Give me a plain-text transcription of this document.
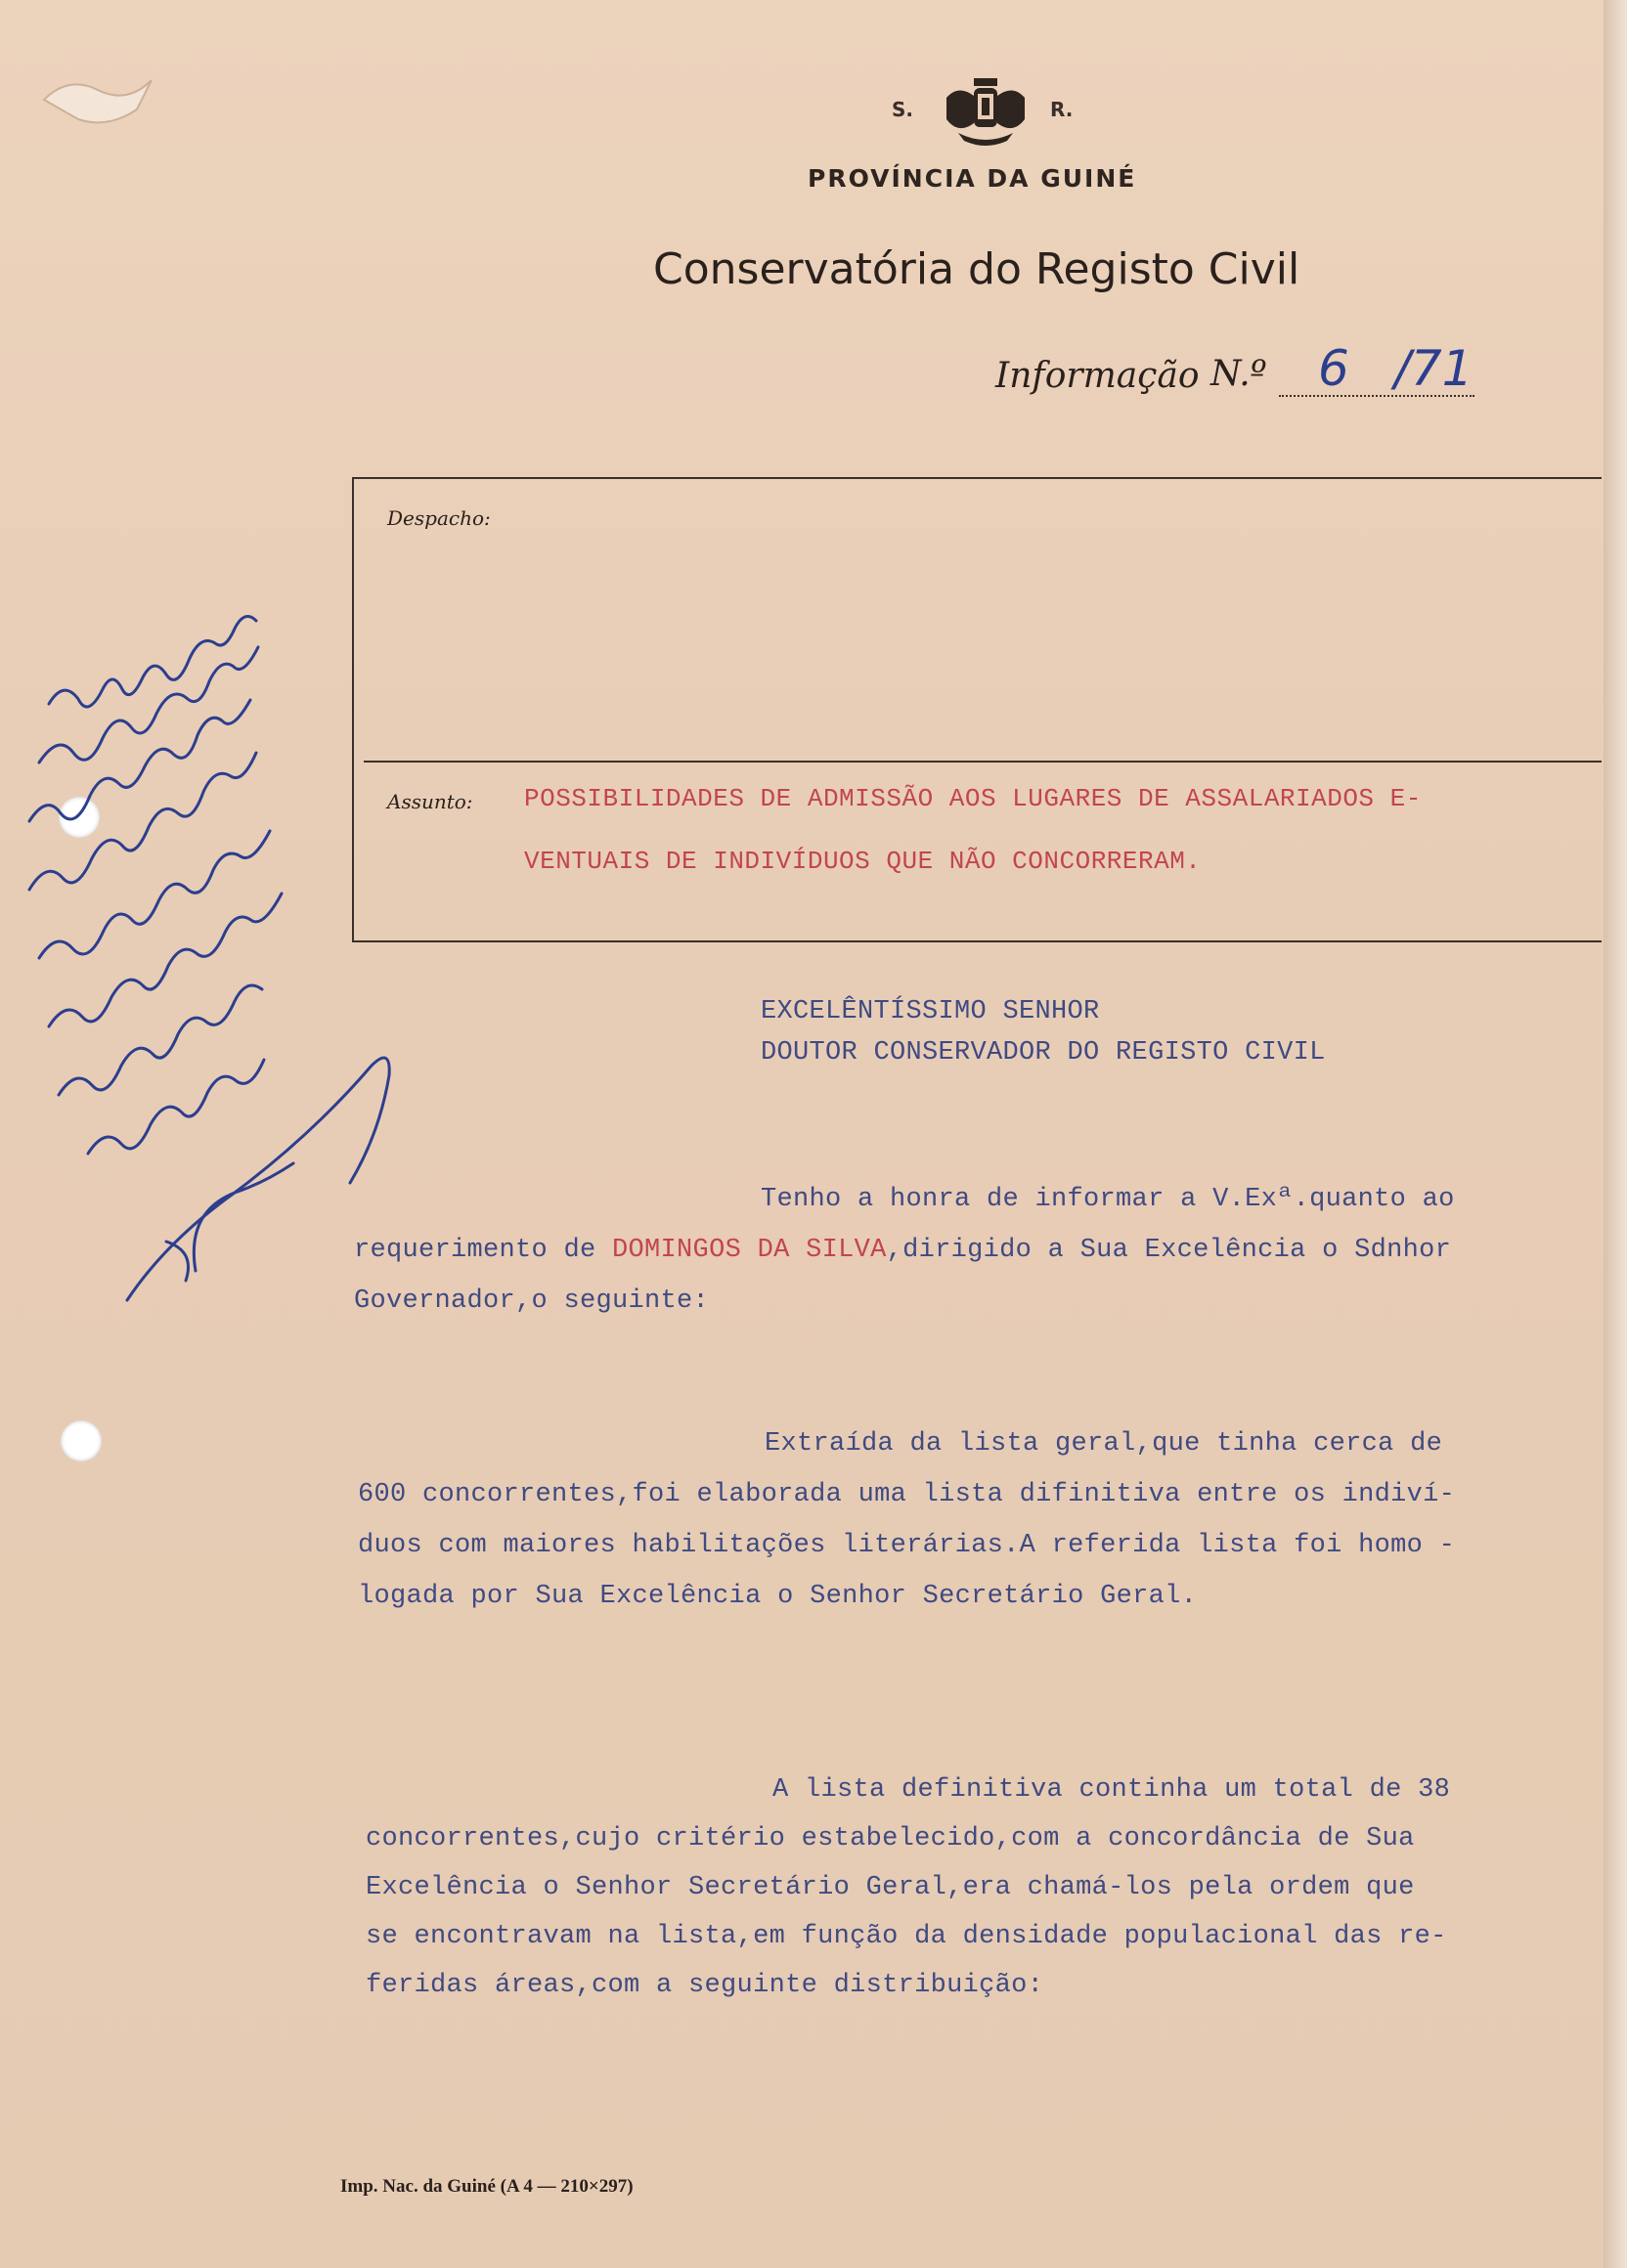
S.	R.
PROVÍNCIA DA GUINÉ
Conservatória do Registo Civil
Informação N.º 6 /71
Despacho:
Assunto: POSSIBILIDADES DE ADMISSÃO AOS LUGARES DE ASSALARIADOS E-
VENTUAIS DE INDIVÍDUOS QUE NÃO CONCORRERAM.
EXCELÊNTÍSSIMO SENHOR
DOUTOR CONSERVADOR DO REGISTO CIVIL
Tenho a honra de informar a V.Exª.quanto ao
requerimento de DOMINGOS DA SILVA,dirigido a Sua Excelência o Sdnhor
Governador,o seguinte:
Extraída da lista geral,que tinha cerca de
600 concorrentes,foi elaborada uma lista difinitiva entre os indiví-
duos com maiores habilitações literárias.A referida lista foi homo -
logada por Sua Excelência o Senhor Secretário Geral.
A lista definitiva continha um total de 38
concorrentes,cujo critério estabelecido,com a concordância de Sua
Excelência o Senhor Secretário Geral,era chamá-los pela ordem que
se encontravam na lista,em função da densidade populacional das re-
feridas áreas,com a seguinte distribuição:
Imp. Nac. da Guiné (A 4 — 210×297)
